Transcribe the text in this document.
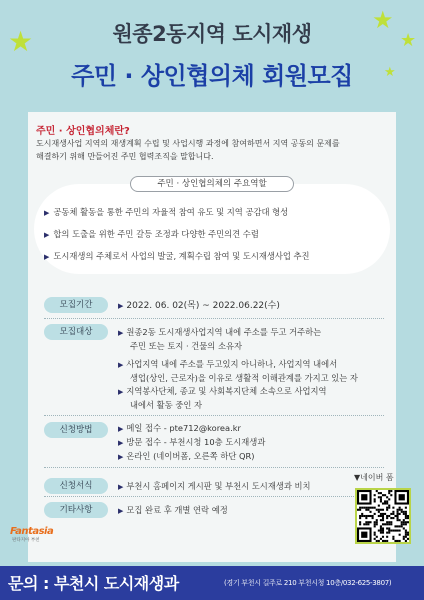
★
★
★
★
원종2동지역 도시재생
주민 · 상인협의체 회원모집
주민 · 상인협의체란?
도시재생사업 지역의 재생계획 수립 및 사업시행 과정에 참여하면서 지역 공동의 문제를
해결하기 위해 만들어진 주민 협력조직을 말합니다.
주민 · 상인협의체의 주요역할
▶ 공동체 활동을 통한 주민의 자율적 참여 유도 및 지역 공감대 형성
▶ 합의 도출을 위한 주민 갈등 조정과 다양한 주민의견 수렴
▶ 도시재생의 주체로서 사업의 발굴, 계획수립 참여 및 도시재생사업 추진
모집기간	▶ 2022. 06. 02(목) ~ 2022.06.22(수)
모집대상	▶ 원종2동 도시재생사업지역 내에 주소를 두고 거주하는
주민 또는 토지 · 건물의 소유자
▶ 사업지역 내에 주소를 두고있지 아니하나, 사업지역 내에서
생업(상인, 근로자)을 이유로 생활적 이해관계를 가지고 있는 자
▶ 지역봉사단체, 종교 및 사회복지단체 소속으로 사업지역
내에서 활동 중인 자
신청방법	▶ 메일 접수 - pte712@korea.kr
▶ 방문 접수 - 부천시청 10층 도시재생과
▶ 온라인 (네이버폼, 오른쪽 하단 QR)
신청서식	▶ 부천시 홈페이지 게시판 및 부천시 도시재생과 비치
기타사항	▶ 모집 완료 후 개별 연락 예정
▼네이버 폼
Fantasia
판타지아 부천
문의 : 부천시 도시재생과	(경기 부천시 길주로 210 부천시청 10층/032-625-3807)
